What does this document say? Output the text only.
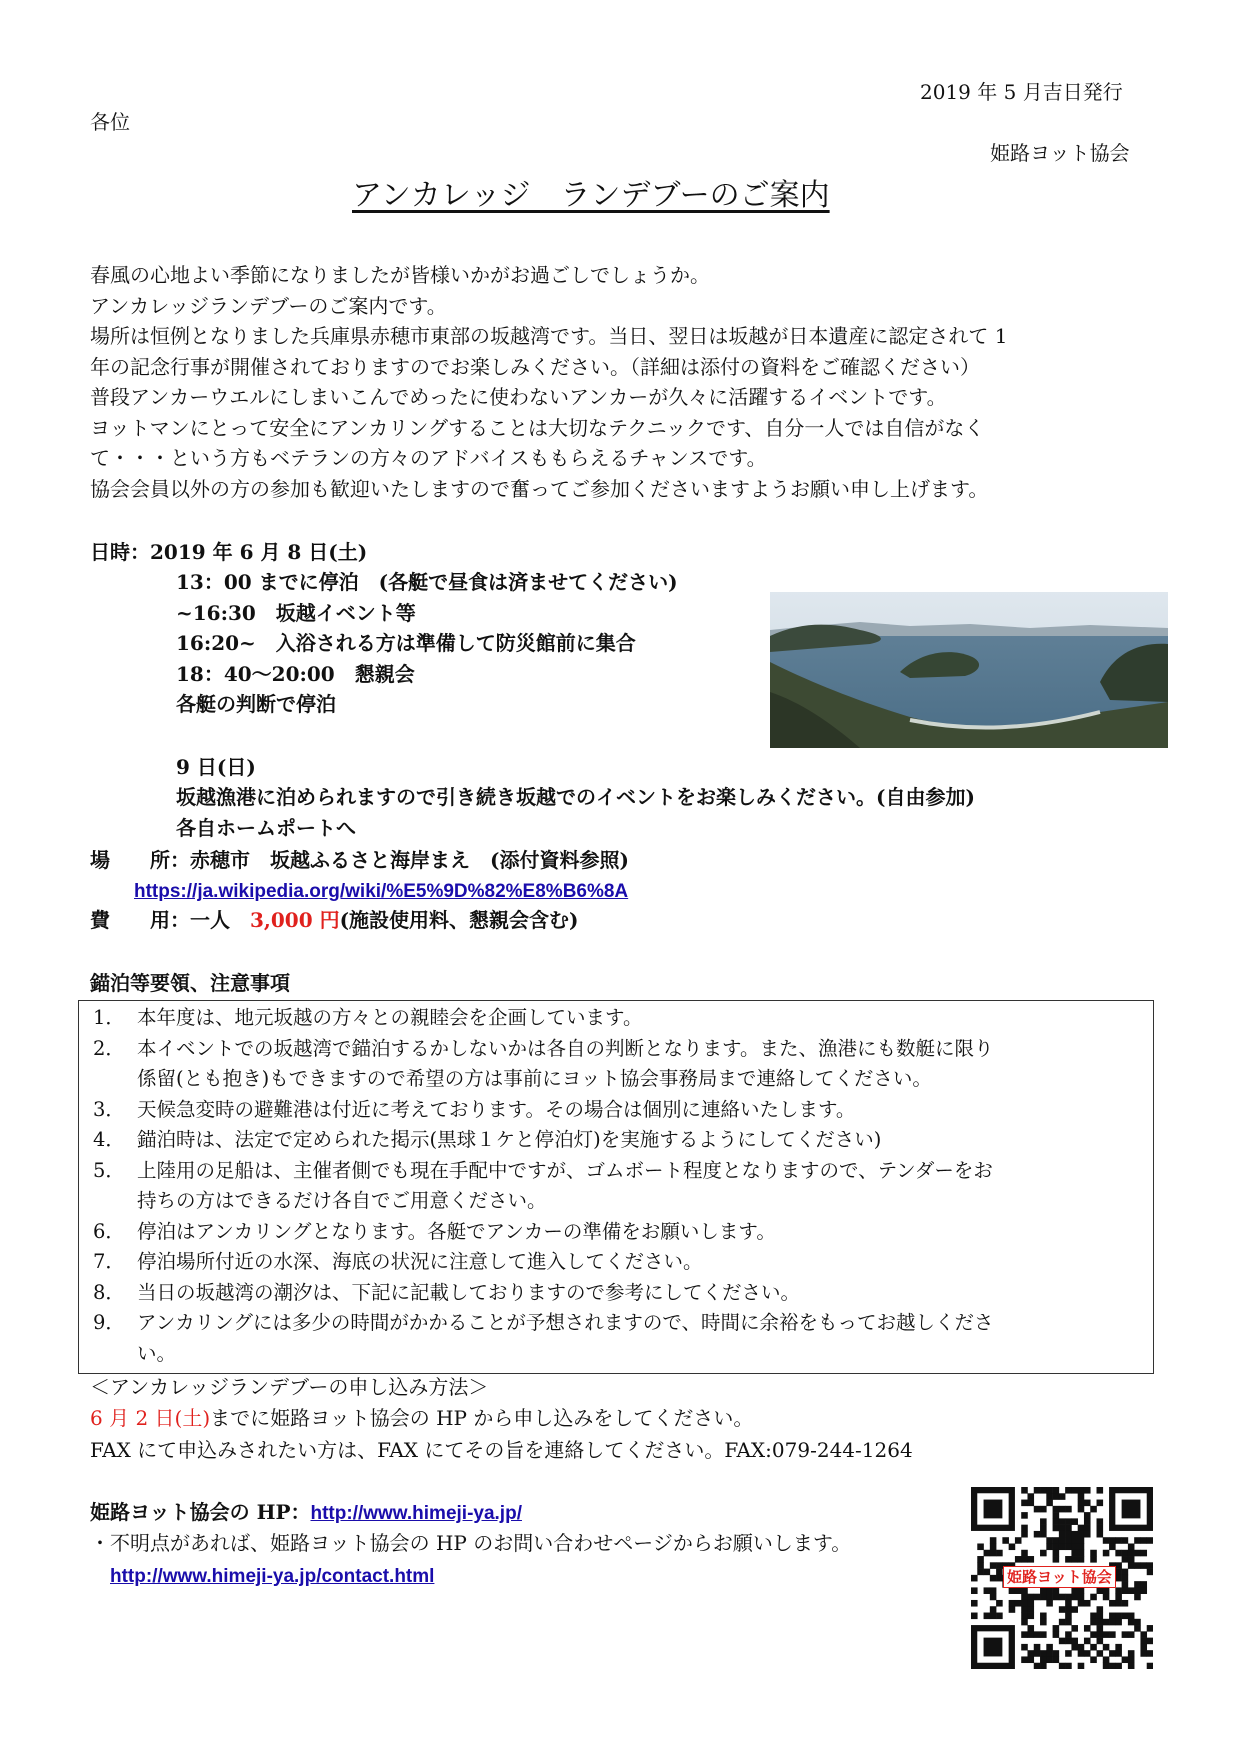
2019 年 5 月吉日発行
各位
姫路ヨット協会
アンカレッジ　ランデブーのご案内
春風の心地よい季節になりましたが皆様いかがお過ごしでしょうか。
アンカレッジランデブーのご案内です。
場所は恒例となりました兵庫県赤穂市東部の坂越湾です。当日、翌日は坂越が日本遺産に認定されて 1
年の記念行事が開催されておりますのでお楽しみください。（詳細は添付の資料をご確認ください）
普段アンカーウエルにしまいこんでめったに使わないアンカーが久々に活躍するイベントです。
ヨットマンにとって安全にアンカリングすることは大切なテクニックです、自分一人では自信がなく
て・・・という方もベテランの方々のアドバイスももらえるチャンスです。
協会会員以外の方の参加も歓迎いたしますので奮ってご参加くださいますようお願い申し上げます。
日時：2019 年 6 月 8 日(土)
13：00 までに停泊　(各艇で昼食は済ませてください)
~16:30　坂越イベント等
16:20~　入浴される方は準備して防災館前に集合
18：40～20:00　懇親会
各艇の判断で停泊
9 日(日)
坂越漁港に泊められますので引き続き坂越でのイベントをお楽しみください。(自由参加)
各自ホームポートへ
場　　所：赤穂市　坂越ふるさと海岸まえ　(添付資料参照)
https://ja.wikipedia.org/wiki/%E5%9D%82%E8%B6%8A
費　　用：一人　3,000 円(施設使用料、懇親会含む)
錨泊等要領、注意事項
1． 本年度は、地元坂越の方々との親睦会を企画しています。
2． 本イベントでの坂越湾で錨泊するかしないかは各自の判断となります。また、漁港にも数艇に限り
係留(とも抱き)もできますので希望の方は事前にヨット協会事務局まで連絡してください。
3． 天候急変時の避難港は付近に考えております。その場合は個別に連絡いたします。
4． 錨泊時は、法定で定められた掲示(黒球１ケと停泊灯)を実施するようにしてください)
5． 上陸用の足船は、主催者側でも現在手配中ですが、ゴムボート程度となりますので、テンダーをお
持ちの方はできるだけ各自でご用意ください。
6． 停泊はアンカリングとなります。各艇でアンカーの準備をお願いします。
7． 停泊場所付近の水深、海底の状況に注意して進入してください。
8． 当日の坂越湾の潮汐は、下記に記載しておりますので参考にしてください。
9． アンカリングには多少の時間がかかることが予想されますので、時間に余裕をもってお越しくださ
い。
＜アンカレッジランデブーの申し込み方法＞
6 月 2 日(土)までに姫路ヨット協会の HP から申し込みをしてください。
FAX にて申込みされたい方は、FAX にてその旨を連絡してください。FAX:079-244-1264
姫路ヨット協会の HP：http://www.himeji-ya.jp/
・不明点があれば、姫路ヨット協会の HP のお問い合わせページからお願いします。
http://www.himeji-ya.jp/contact.html	姫路ヨット協会
